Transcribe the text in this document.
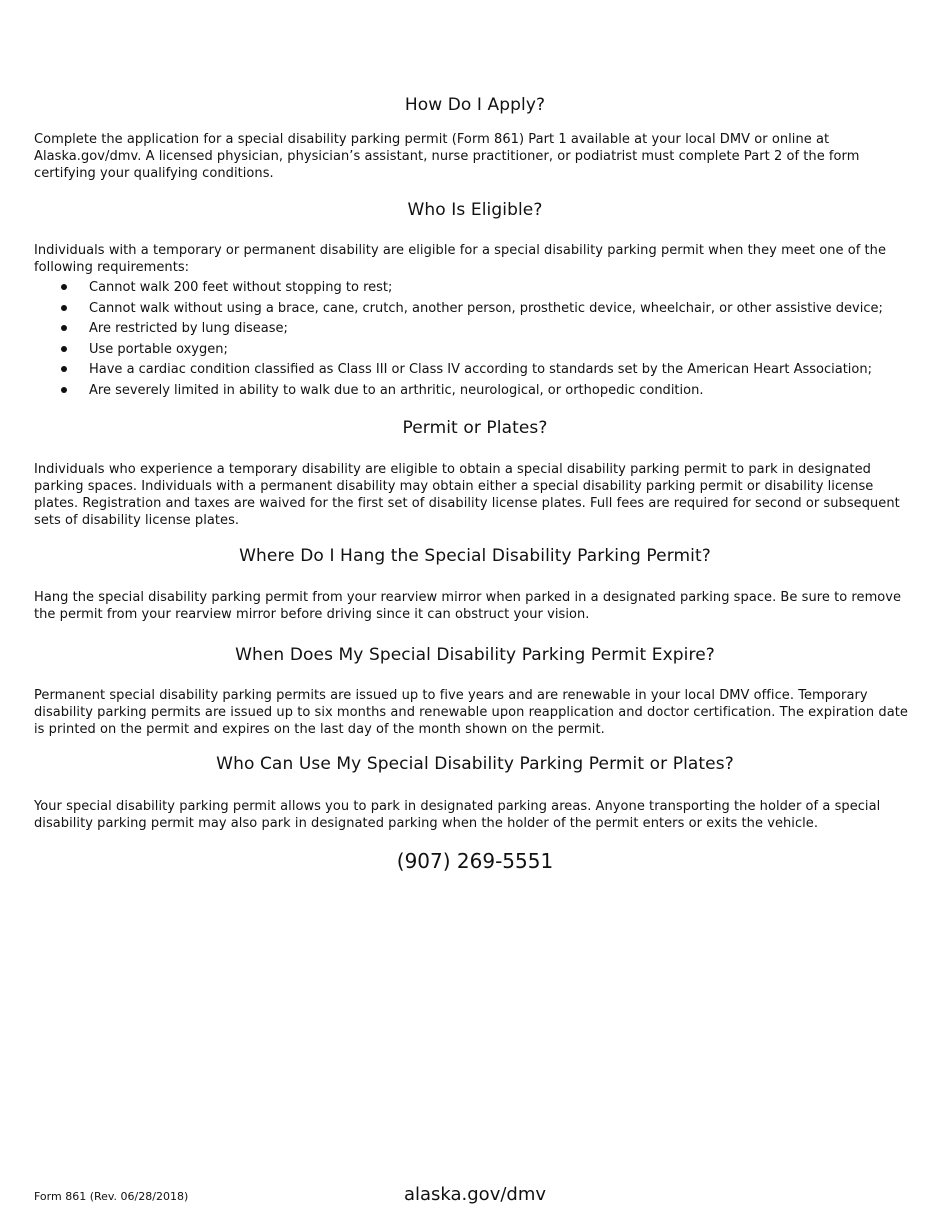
How Do I Apply?

Complete the application for a special disability parking permit (Form 861) Part 1 available at your local DMV or online at Alaska.gov/dmv. A licensed physician, physician’s assistant, nurse practitioner, or podiatrist must complete Part 2 of the form certifying your qualifying conditions.

Who Is Eligible?

Individuals with a temporary or permanent disability are eligible for a special disability parking permit when they meet one of the following requirements:

Cannot walk 200 feet without stopping to rest;
Cannot walk without using a brace, cane, crutch, another person, prosthetic device, wheelchair, or other assistive device;
Are restricted by lung disease;
Use portable oxygen;
Have a cardiac condition classified as Class III or Class IV according to standards set by the American Heart Association;
Are severely limited in ability to walk due to an arthritic, neurological, or orthopedic condition.
Permit or Plates?

Individuals who experience a temporary disability are eligible to obtain a special disability parking permit to park in designated parking spaces. Individuals with a permanent disability may obtain either a special disability parking permit or disability license plates. Registration and taxes are waived for the first set of disability license plates. Full fees are required for second or subsequent sets of disability license plates.

Where Do I Hang the Special Disability Parking Permit?

Hang the special disability parking permit from your rearview mirror when parked in a designated parking space. Be sure to remove the permit from your rearview mirror before driving since it can obstruct your vision.

When Does My Special Disability Parking Permit Expire?

Permanent special disability parking permits are issued up to five years and are renewable in your local DMV office. Temporary disability parking permits are issued up to six months and renewable upon reapplication and doctor certification. The expiration date is printed on the permit and expires on the last day of the month shown on the permit.

Who Can Use My Special Disability Parking Permit or Plates?

Your special disability parking permit allows you to park in designated parking areas. Anyone transporting the holder of a special disability parking permit may also park in designated parking when the holder of the permit enters or exits the vehicle.

(907) 269-5551

Form 861 (Rev. 06/28/2018)	alaska.gov/dmv
